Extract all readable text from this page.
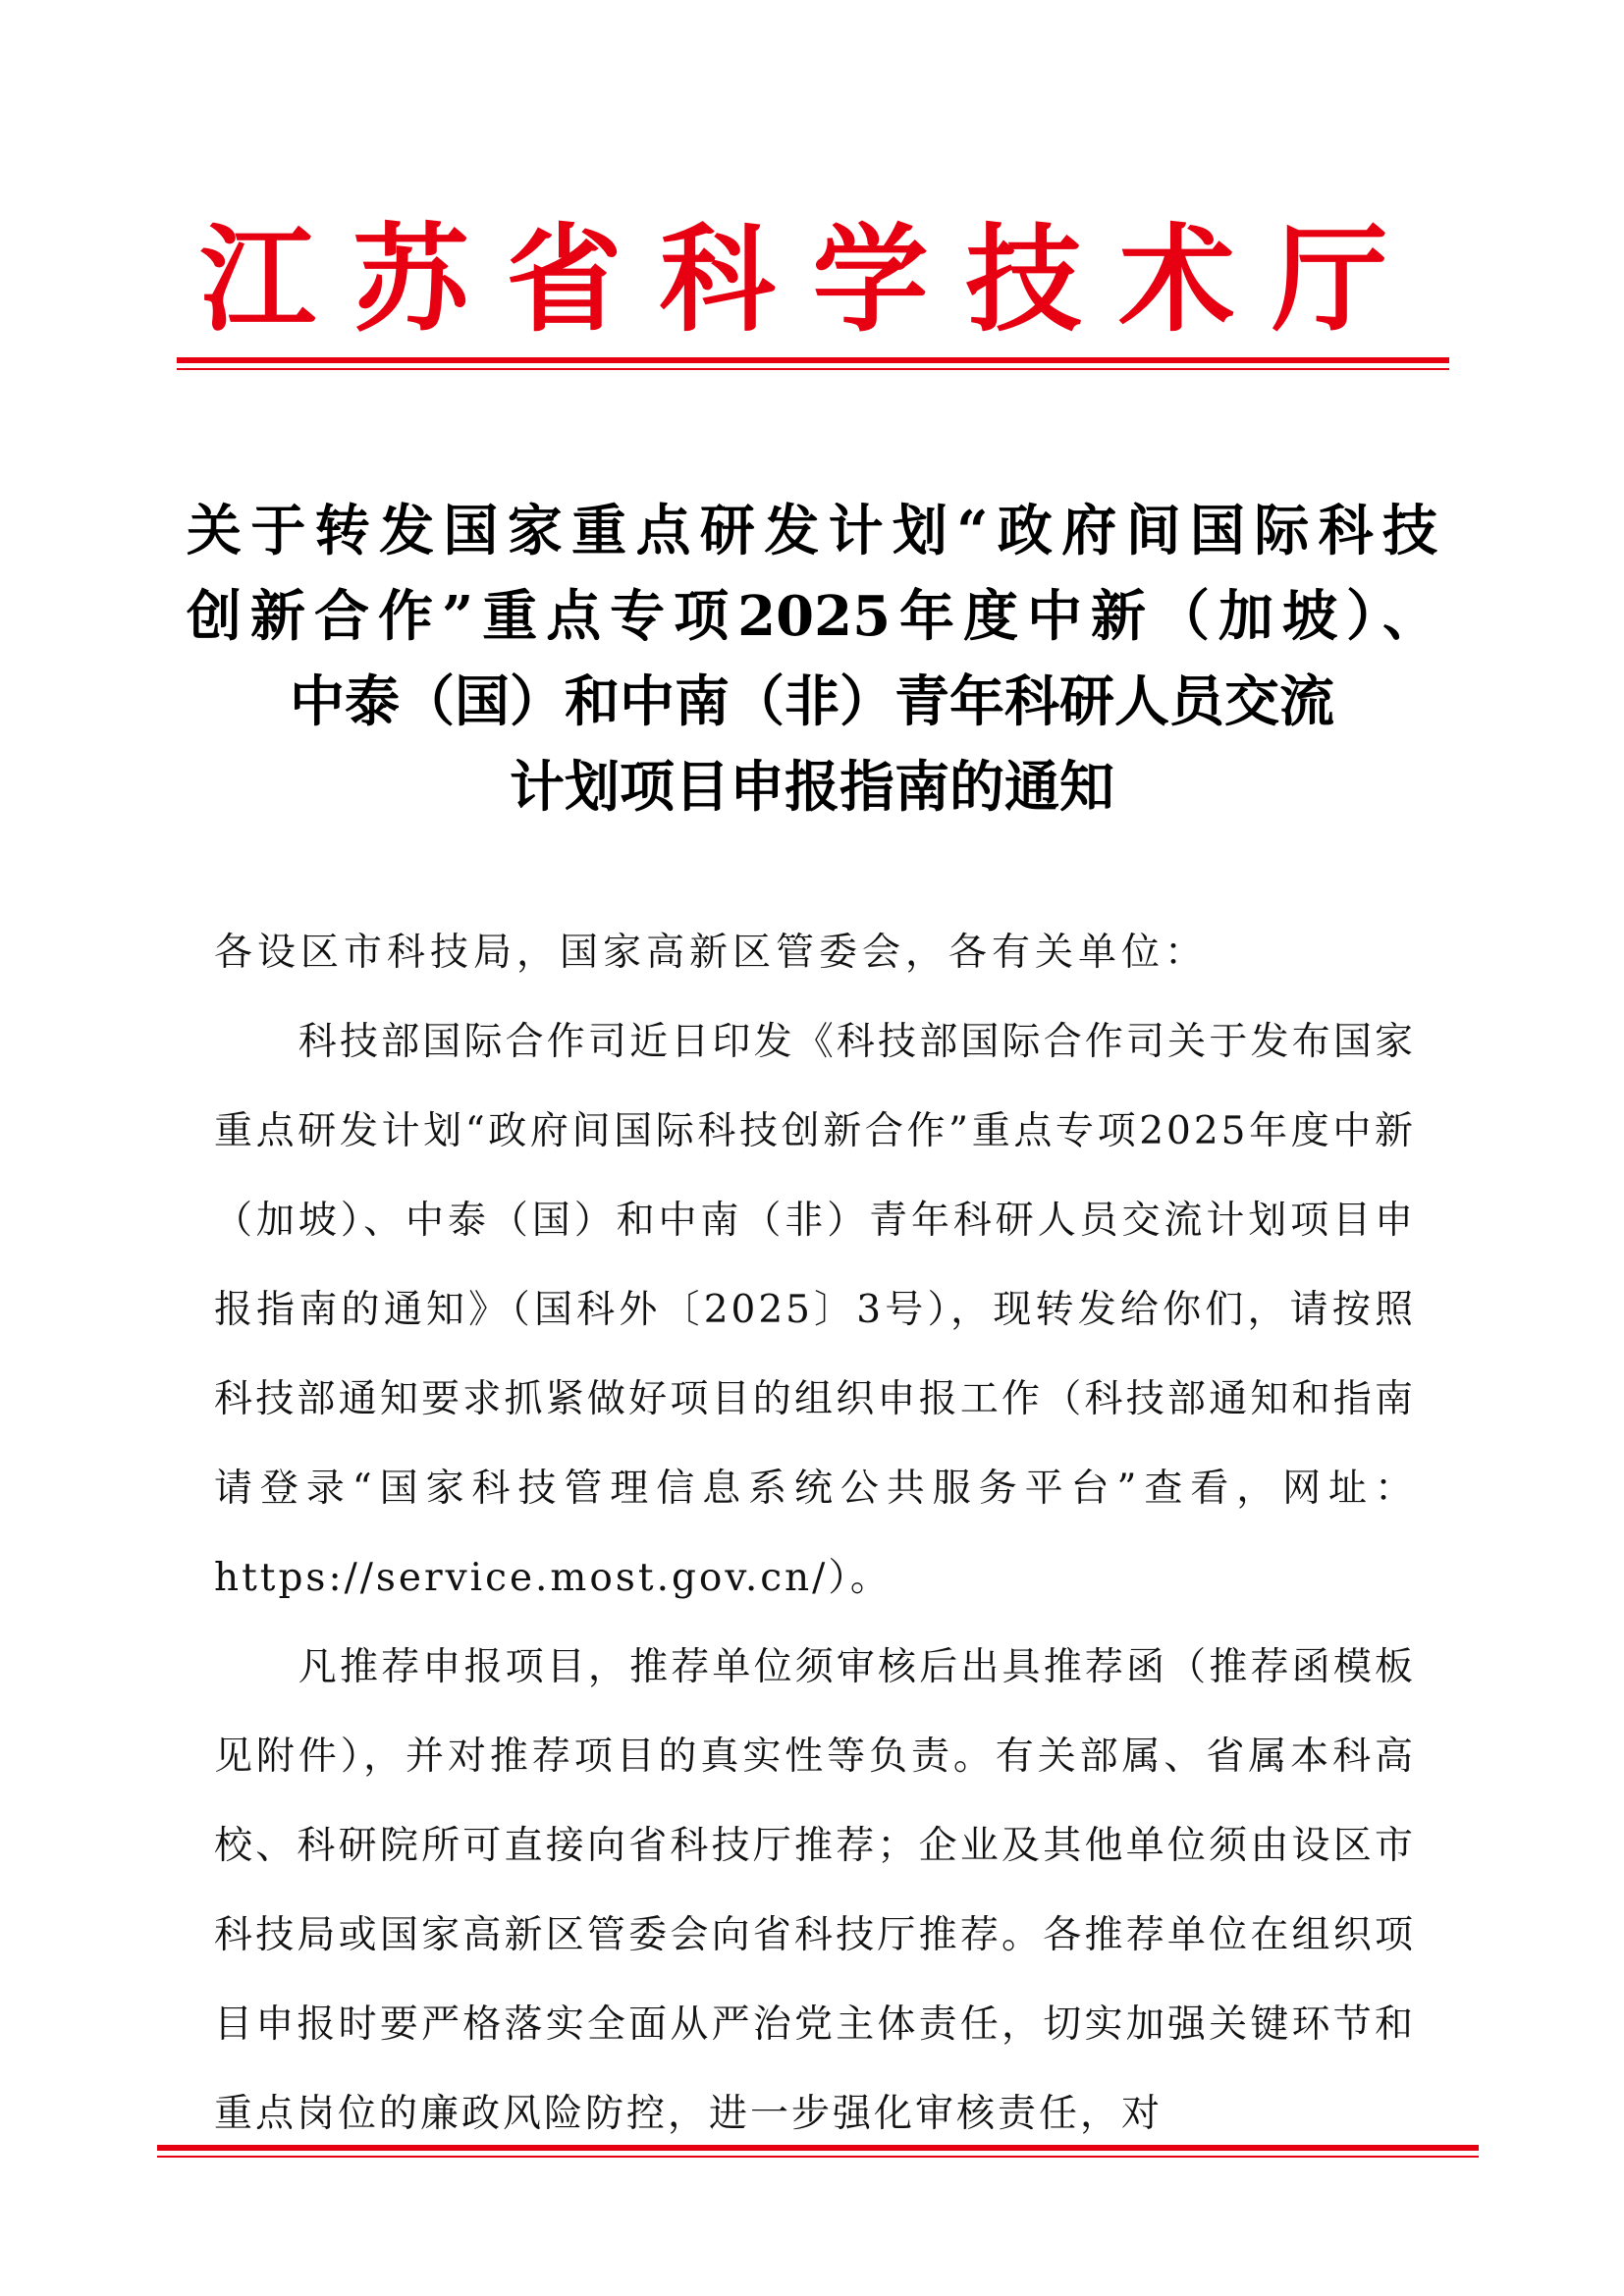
江苏省科学技术厅
关于转发国家重点研发计划“政府间国际科技
创新合作”重点专项2025年度中新（加坡）、
中泰（国）和中南（非）青年科研人员交流
计划项目申报指南的通知

各设区市科技局，国家高新区管委会，各有关单位：

科技部国际合作司近日印发《科技部国际合作司关于发布国家重点研发计划“政府间国际科技创新合作”重点专项2025年度中新（加坡）、中泰（国）和中南（非）青年科研人员交流计划项目申报指南的通知》（国科外〔2025〕3号），现转发给你们，请按照科技部通知要求抓紧做好项目的组织申报工作（科技部通知和指南请登录“国家科技管理信息系统公共服务平台”查看，网址：https://service.most.gov.cn/）。

凡推荐申报项目，推荐单位须审核后出具推荐函（推荐函模板见附件），并对推荐项目的真实性等负责。有关部属、省属本科高校、科研院所可直接向省科技厅推荐；企业及其他单位须由设区市科技局或国家高新区管委会向省科技厅推荐。各推荐单位在组织项目申报时要严格落实全面从严治党主体责任，切实加强关键环节和重点岗位的廉政风险防控，进一步强化审核责任，对
